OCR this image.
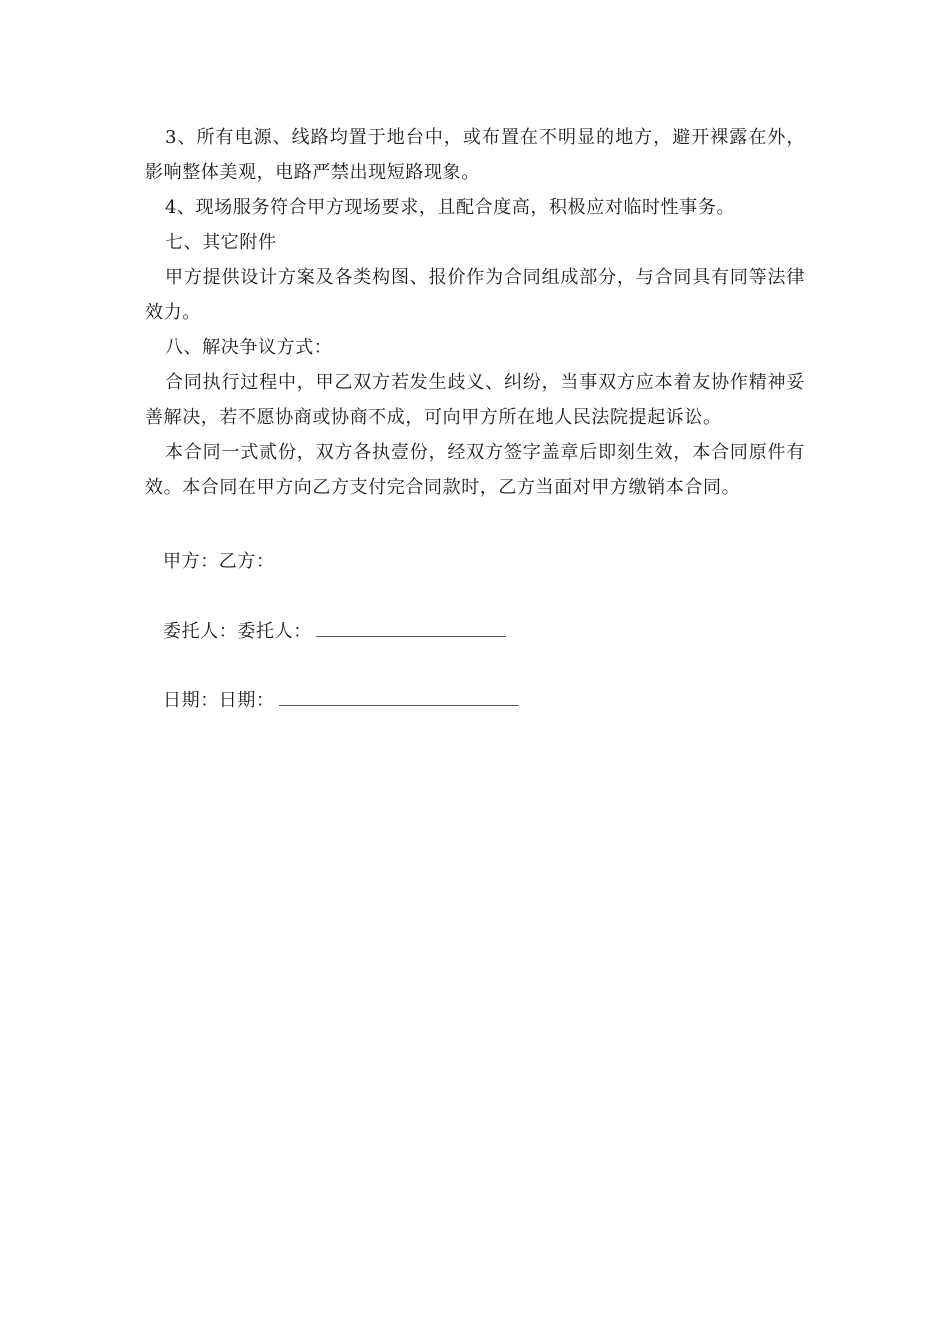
3、所有电源、线路均置于地台中，或布置在不明显的地方，避开裸露在外，影响整体美观，电路严禁出现短路现象。

4、现场服务符合甲方现场要求，且配合度高，积极应对临时性事务。

七、其它附件

甲方提供设计方案及各类构图、报价作为合同组成部分，与合同具有同等法律效力。

八、解决争议方式：

合同执行过程中，甲乙双方若发生歧义、纠纷，当事双方应本着友协作精神妥善解决，若不愿协商或协商不成，可向甲方所在地人民法院提起诉讼。

本合同一式贰份，双方各执壹份，经双方签字盖章后即刻生效，本合同原件有效。本合同在甲方向乙方支付完合同款时，乙方当面对甲方缴销本合同。

甲方：乙方：
委托人：委托人：
日期：日期：
